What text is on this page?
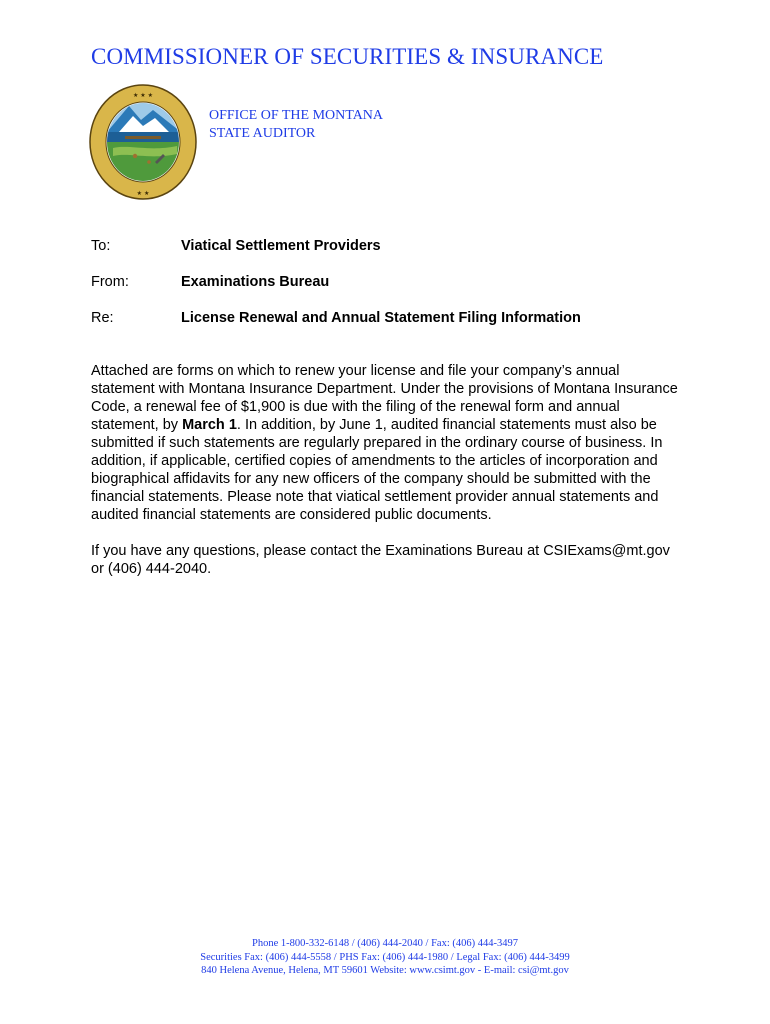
COMMISSIONER OF SECURITIES & INSURANCE
★ ★ ★
★ ★
OFFICE OF THE MONTANA
STATE AUDITOR
To:	Viatical Settlement Providers
From:	Examinations Bureau
Re:	License Renewal and Annual Statement Filing Information

Attached are forms on which to renew your license and file your company’s annual statement with Montana Insurance Department. Under the provisions of Montana Insurance Code, a renewal fee of $1,900 is due with the filing of the renewal form and annual statement, by March 1. In addition, by June 1, audited financial statements must also be submitted if such statements are regularly prepared in the ordinary course of business. In addition, if applicable, certified copies of amendments to the articles of incorporation and biographical affidavits for any new officers of the company should be submitted with the financial statements. Please note that viatical settlement provider annual statements and audited financial statements are considered public documents.

If you have any questions, please contact the Examinations Bureau at CSIExams@mt.gov or (406) 444-2040.

Phone 1-800-332-6148 / (406) 444-2040 / Fax: (406) 444-3497
Securities Fax: (406) 444-5558 / PHS Fax: (406) 444-1980 / Legal Fax: (406) 444-3499
840 Helena Avenue, Helena, MT 59601 Website: www.csimt.gov - E-mail: csi@mt.gov
